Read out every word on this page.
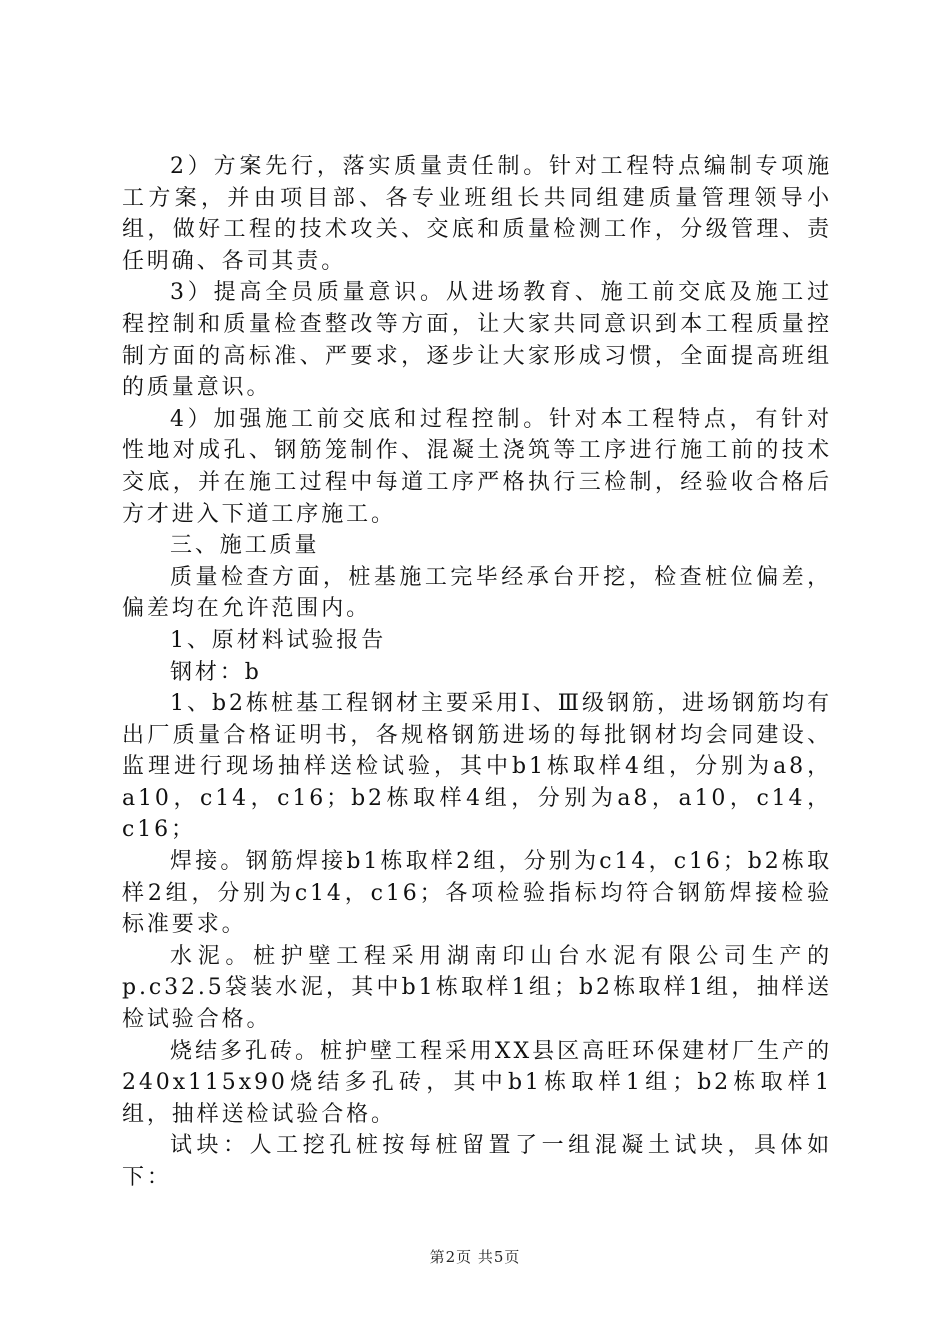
2）方案先行，落实质量责任制。针对工程特点编制专项施工方案，并由项目部、各专业班组长共同组建质量管理领导小组，做好工程的技术攻关、交底和质量检测工作，分级管理、责任明确、各司其责。

3）提高全员质量意识。从进场教育、施工前交底及施工过程控制和质量检查整改等方面，让大家共同意识到本工程质量控制方面的高标准、严要求，逐步让大家形成习惯，全面提高班组的质量意识。

4）加强施工前交底和过程控制。针对本工程特点，有针对性地对成孔、钢筋笼制作、混凝土浇筑等工序进行施工前的技术交底，并在施工过程中每道工序严格执行三检制，经验收合格后方才进入下道工序施工。

三、施工质量

质量检查方面，桩基施工完毕经承台开挖，检查桩位偏差，偏差均在允许范围内。

1、原材料试验报告

钢材：b

1、b2栋桩基工程钢材主要采用Ⅰ、Ⅲ级钢筋，进场钢筋均有出厂质量合格证明书，各规格钢筋进场的每批钢材均会同建设、监理进行现场抽样送检试验，其中b1栋取样4组，分别为a8，a10，c14，c16；b2栋取样4组，分别为a8，a10，c14，c16；

焊接。钢筋焊接b1栋取样2组，分别为c14，c16；b2栋取样2组，分别为c14，c16；各项检验指标均符合钢筋焊接检验标准要求。

水泥。桩护壁工程采用湖南印山台水泥有限公司生产的p.c32.5袋装水泥，其中b1栋取样1组；b2栋取样1组，抽样送检试验合格。

烧结多孔砖。桩护壁工程采用XX县区高旺环保建材厂生产的240x115x90烧结多孔砖，其中b1栋取样1组；b2栋取样1组，抽样送检试验合格。

试块：人工挖孔桩按每桩留置了一组混凝土试块，具体如下：

第2页 共5页
